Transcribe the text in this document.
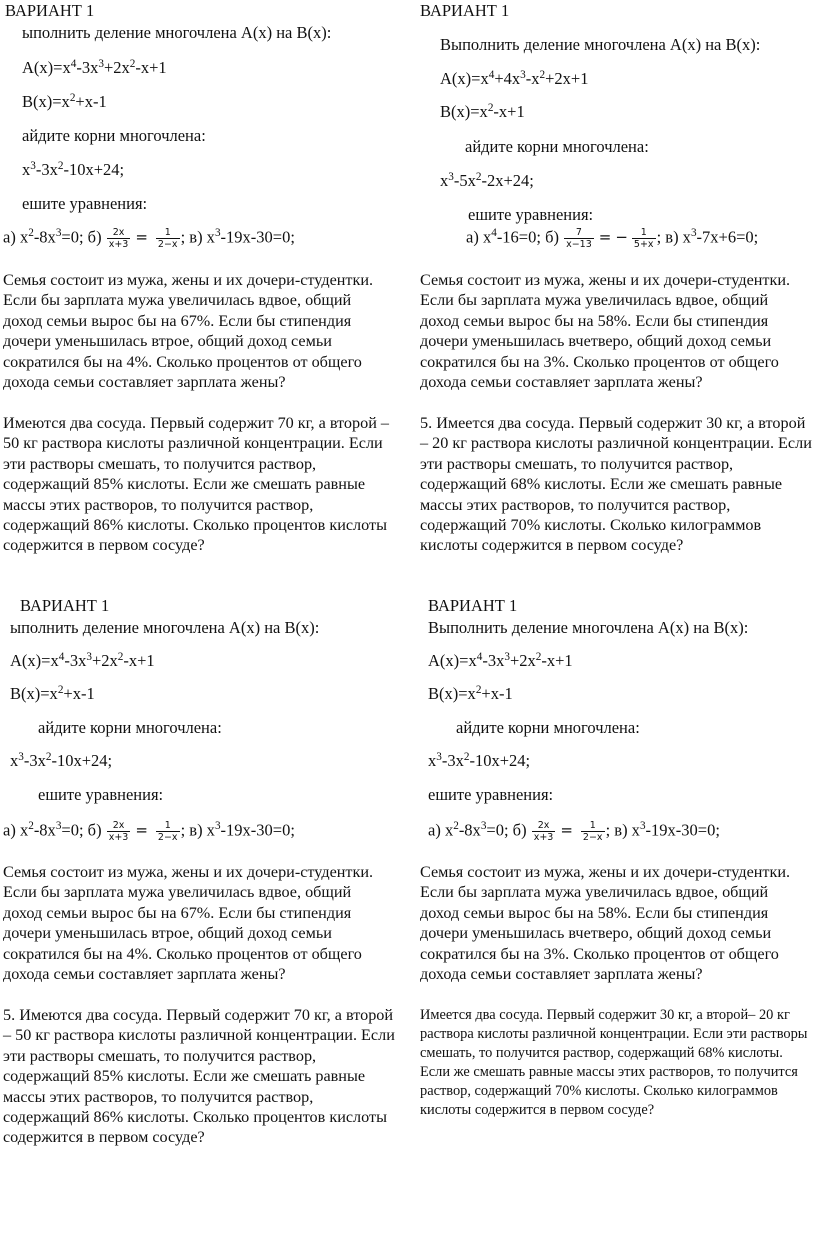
ВАРИАНТ 1
ыполнить деление многочлена А(х) на В(х):
$А(х)=х^4-3х^3+2х^2-х+1$
$В(х)=х^2+х-1$
айдите корни многочлена:
$х^3-3х^2-10х+24$;
ешите уравнения:
а) $х^2-8х^3=0$; $б) \frac{2x}{x+3} = \frac{1}{2-x}$ ; в) $х^3-19х-30=0$;
Семья состоит из мужа, жены и их дочери-студентки. Если бы зарплата мужа увеличилась вдвое, общий доход семьи вырос бы на 67%. Если бы стипендия дочери уменьшилась втрое, общий доход семьи сократился бы на 4%. Сколько процентов от общего дохода семьи составляет зарплата жены?
Имеются два сосуда. Первый содержит 70 кг, а второй – 50 кг раствора кислоты различной концентрации. Если эти растворы смешать, то получится раствор, содержащий 85% кислоты. Если же смешать равные массы этих растворов, то получится раствор, содержащий 86% кислоты. Сколько процентов кислоты содержится в первом сосуде?
ВАРИАНТ 1
Выполнить деление многочлена А(х) на В(х):
$А(х)=х^4+4х^3-х^2+2х+1$
$В(х)=х^2-х+1$
айдите корни многочлена:
$х^3-5х^2-2х+24$;
ешите уравнения:
а) $х^4-16=0$; $б) \frac{7}{x-13}$ = − $\frac{1}{5+x}$ ; в) $х^3-7х+6=0$;
Семья состоит из мужа, жены и их дочери-студентки. Если бы зарплата мужа увеличилась вдвое, общий доход семьи вырос бы на 58%. Если бы стипендия дочери уменьшилась вчетверо, общий доход семьи сократился бы на 3%. Сколько процентов от общего дохода семьи составляет зарплата жены?
5. Имеется два сосуда. Первый содержит 30 кг, а второй – 20 кг раствора кислоты различной концентрации. Если эти растворы смешать, то получится раствор, содержащий 68% кислоты. Если же смешать равные массы этих растворов, то получится раствор, содержащий 70% кислоты. Сколько килограммов кислоты содержится в первом сосуде?
ВАРИАНТ 1
ыполнить деление многочлена А(х) на В(х):
$А(х)=х^4-3х^3+2х^2-х+1$
$В(х)=х^2+х-1$
айдите корни многочлена:
$х^3-3х^2-10х+24$;
ешите уравнения:
а) $х^2-8х^3=0$; $б) \frac{2x}{x+3} = \frac{1}{2-x}$ ; в) $х^3-19х-30=0$;
Семья состоит из мужа, жены и их дочери-студентки. Если бы зарплата мужа увеличилась вдвое, общий доход семьи вырос бы на 67%. Если бы стипендия дочери уменьшилась втрое, общий доход семьи сократился бы на 4%. Сколько процентов от общего дохода семьи составляет зарплата жены?
5. Имеются два сосуда. Первый содержит 70 кг, а второй – 50 кг раствора кислоты различной концентрации. Если эти растворы смешать, то получится раствор, содержащий 85% кислоты. Если же смешать равные массы этих растворов, то получится раствор, содержащий 86% кислоты. Сколько процентов кислоты содержится в первом сосуде?
ВАРИАНТ 1
Выполнить деление многочлена А(х) на В(х):
$А(х)=х^4-3х^3+2х^2-х+1$
$В(х)=х^2+х-1$
айдите корни многочлена:
$х^3-3х^2-10х+24$;
ешите уравнения:
а) $х^2-8х^3=0$; $б) \frac{2x}{x+3} = \frac{1}{2-x}$ ; в) $х^3-19х-30=0$;
Семья состоит из мужа, жены и их дочери-студентки. Если бы зарплата мужа увеличилась вдвое, общий доход семьи вырос бы на 58%. Если бы стипендия дочери уменьшилась вчетверо, общий доход семьи сократился бы на 3%. Сколько процентов от общего дохода семьи составляет зарплата жены?
Имеется два сосуда. Первый содержит 30 кг, а второй– 20 кг раствора кислоты различной концентрации. Если эти растворы смешать, то получится раствор, содержащий 68% кислоты. Если же смешать равные массы этих растворов, то получится раствор, содержащий 70% кислоты. Сколько килограммов кислоты содержится в первом сосуде?
